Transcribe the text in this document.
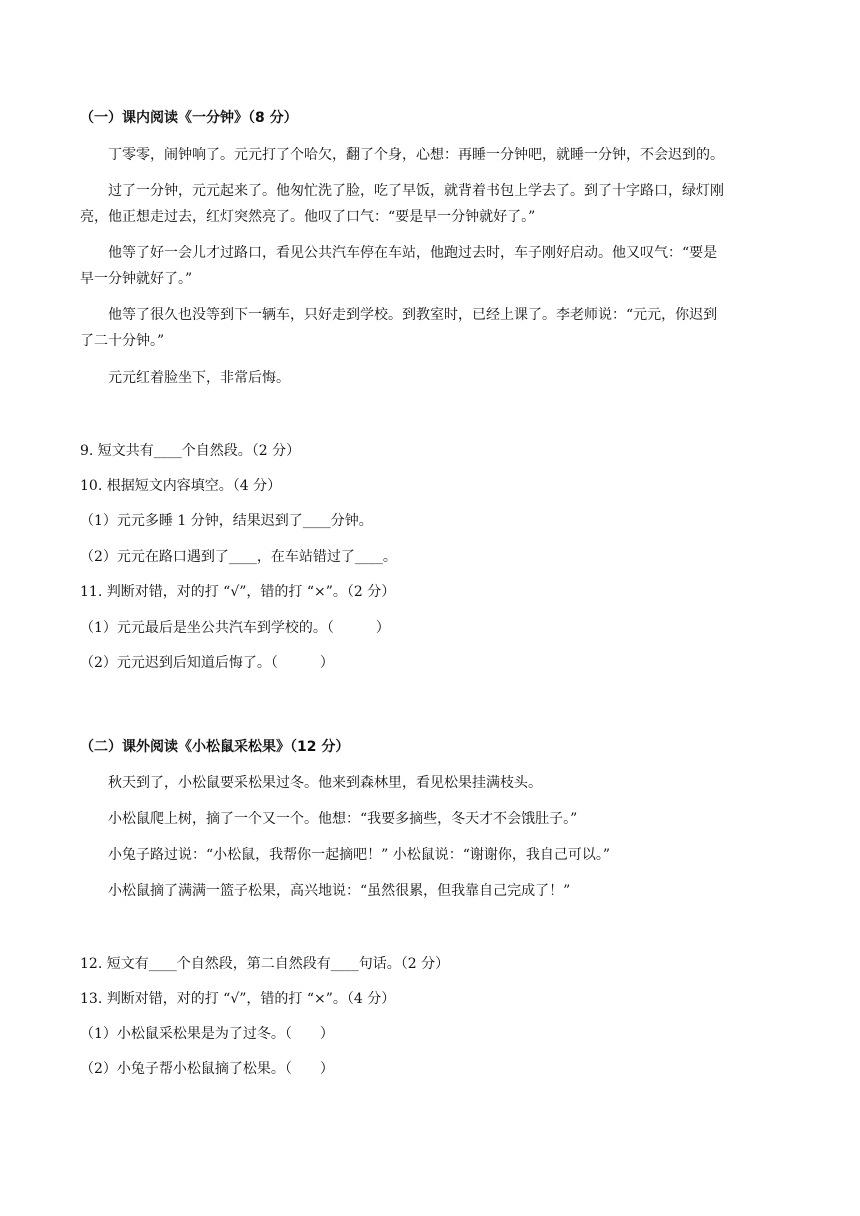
（一）课内阅读《一分钟》（8 分）
丁零零，闹钟响了。元元打了个哈欠，翻了个身，心想：再睡一分钟吧，就睡一分钟，不会迟到的。
过了一分钟，元元起来了。他匆忙洗了脸，吃了早饭，就背着书包上学去了。到了十字路口，绿灯刚
亮，他正想走过去，红灯突然亮了。他叹了口气：“要是早一分钟就好了。”
他等了好一会儿才过路口，看见公共汽车停在车站，他跑过去时，车子刚好启动。他又叹气：“要是
早一分钟就好了。”
他等了很久也没等到下一辆车，只好走到学校。到教室时，已经上课了。李老师说：“元元，你迟到
了二十分钟。”
元元红着脸坐下，非常后悔。
9. 短文共有____个自然段。（2 分）
10. 根据短文内容填空。（4 分）
（1）元元多睡 1 分钟，结果迟到了____分钟。
（2）元元在路口遇到了____，在车站错过了____。
11. 判断对错，对的打 “√”，错的打 “×”。（2 分）
（1）元元最后是坐公共汽车到学校的。（　　　）
（2）元元迟到后知道后悔了。（　　　）
（二）课外阅读《小松鼠采松果》（12 分）
秋天到了，小松鼠要采松果过冬。他来到森林里，看见松果挂满枝头。
小松鼠爬上树，摘了一个又一个。他想：“我要多摘些，冬天才不会饿肚子。”
小兔子路过说：“小松鼠，我帮你一起摘吧！” 小松鼠说：“谢谢你，我自己可以。”
小松鼠摘了满满一篮子松果，高兴地说：“虽然很累，但我靠自己完成了！”
12. 短文有____个自然段，第二自然段有____句话。（2 分）
13. 判断对错，对的打 “√”，错的打 “×”。（4 分）
（1）小松鼠采松果是为了过冬。（　　）
（2）小兔子帮小松鼠摘了松果。（　　）
